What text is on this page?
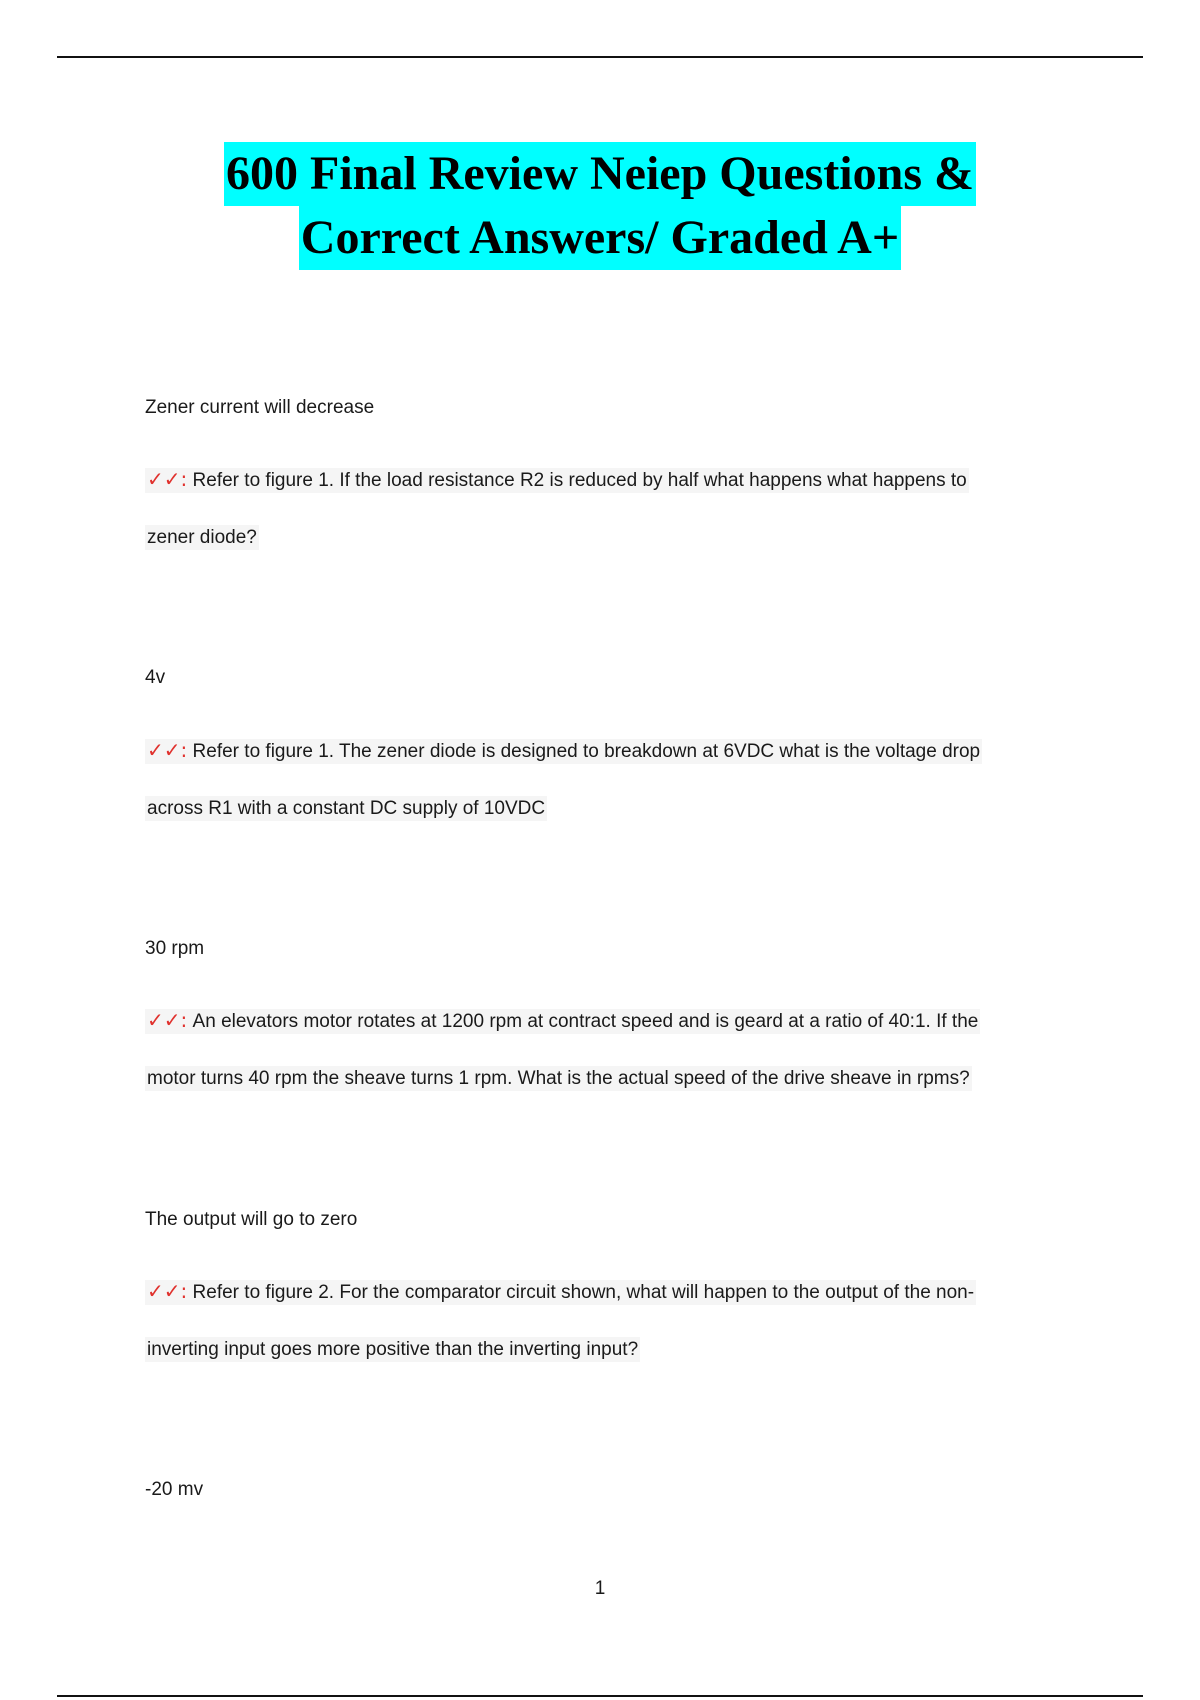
600 Final Review Neiep Questions &
Correct Answers/ Graded A+
Zener current will decrease
✓✓: Refer to figure 1. If the load resistance R2 is reduced by half what happens what happens to
zener diode?
4v
✓✓: Refer to figure 1. The zener diode is designed to breakdown at 6VDC what is the voltage drop
across R1 with a constant DC supply of 10VDC
30 rpm
✓✓: An elevators motor rotates at 1200 rpm at contract speed and is geard at a ratio of 40:1. If the
motor turns 40 rpm the sheave turns 1 rpm. What is the actual speed of the drive sheave in rpms?
The output will go to zero
✓✓: Refer to figure 2. For the comparator circuit shown, what will happen to the output of the non-
inverting input goes more positive than the inverting input?
-20 mv
1
